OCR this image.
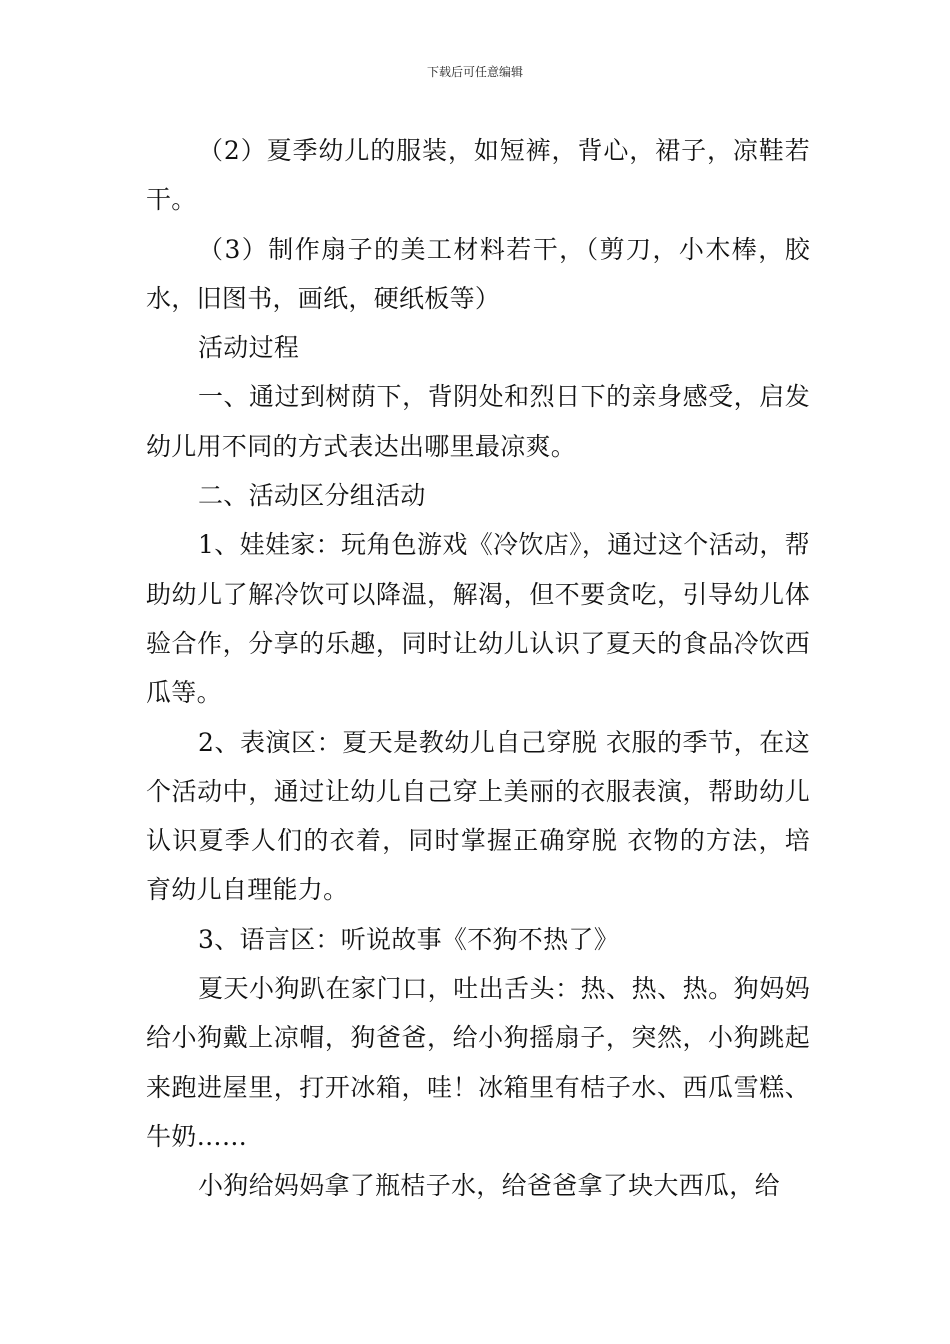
下载后可任意编辑

（2）夏季幼儿的服装，如短裤，背心，裙子，凉鞋若干。

（3）制作扇子的美工材料若干，（剪刀，小木棒，胶水，旧图书，画纸，硬纸板等）

活动过程

一、通过到树荫下，背阴处和烈日下的亲身感受，启发幼儿用不同的方式表达出哪里最凉爽。

二、活动区分组活动

1、娃娃家：玩角色游戏《冷饮店》，通过这个活动，帮助幼儿了解冷饮可以降温，解渴，但不要贪吃，引导幼儿体验合作，分享的乐趣，同时让幼儿认识了夏天的食品冷饮西瓜等。

2、表演区：夏天是教幼儿自己穿脱 衣服的季节，在这个活动中，通过让幼儿自己穿上美丽的衣服表演，帮助幼儿认识夏季人们的衣着，同时掌握正确穿脱 衣物的方法，培育幼儿自理能力。

3、语言区：听说故事《不狗不热了》

夏天小狗趴在家门口，吐出舌头：热、热、热。狗妈妈给小狗戴上凉帽，狗爸爸，给小狗摇扇子，突然，小狗跳起来跑进屋里，打开冰箱，哇！冰箱里有桔子水、西瓜雪糕、牛奶……

小狗给妈妈拿了瓶桔子水，给爸爸拿了块大西瓜，给
